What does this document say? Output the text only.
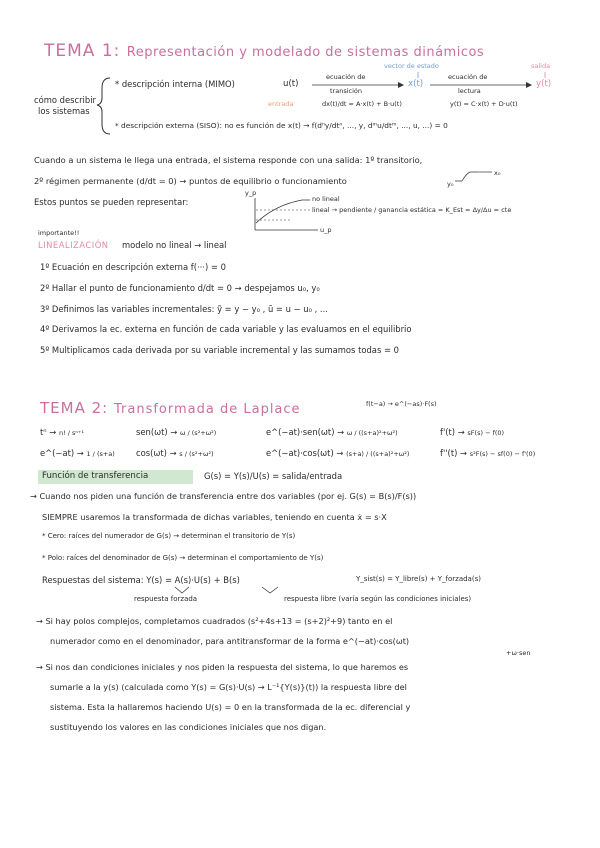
TEMA 1: Representación y modelado de sistemas dinámicos
cómo describir
los sistemas
* descripción interna (MIMO)	u(t)
entrada
ecuación de
transición
vector de estado
x(t)
ecuación de
lectura
salida
y(t)
dx(t)/dt = A·x(t) + B·u(t)	y(t) = C·x(t) + D·u(t)
* descripción externa (SISO): no es función de x(t) → f(dⁿy/dtⁿ, ..., y, dᵐu/dtᵐ, ..., u, ...) = 0
Cuando a un sistema le llega una entrada, el sistema responde con una salida: 1º transitorio,
2º régimen permanente (d/dt = 0) → puntos de equilibrio o funcionamiento	y₀
x₀
Estos puntos se pueden representar:
y_p
u_p
no lineal
lineal → pendiente / ganancia estática = K_Est = Δy/Δu = cte
importante!!
LINEALIZACIÓN modelo no lineal → lineal
1º Ecuación en descripción externa f(···) = 0
2º Hallar el punto de funcionamiento d/dt = 0 → despejamos u₀, y₀
3º Definimos las variables incrementales: ỹ = y − y₀ , ũ = u − u₀ , ...
4º Derivamos la ec. externa en función de cada variable y las evaluamos en el equilibrio
5º Multiplicamos cada derivada por su variable incremental y las sumamos todas = 0
TEMA 2: Transformada de Laplace	f(t−a) → e^(−as)·F(s)
tⁿ → n! / sⁿ⁺¹	sen(ωt) → ω / (s²+ω²)	e^(−at)·sen(ωt) → ω / ((s+a)²+ω²)	f'(t) → sF(s) − f(0)
e^(−at) → 1 / (s+a)	cos(ωt) → s / (s²+ω²)	e^(−at)·cos(ωt) → (s+a) / ((s+a)²+ω²)	f''(t) → s²F(s) − sf(0) − f'(0)
Función de transferencia	G(s) = Y(s)/U(s) = salida/entrada
→ Cuando nos piden una función de transferencia entre dos variables (por ej. G(s) = B(s)/F(s))
SIEMPRE usaremos la transformada de dichas variables, teniendo en cuenta ẋ = s·X
* Cero: raíces del numerador de G(s) → determinan el transitorio de Y(s)
* Polo: raíces del denominador de G(s) → determinan el comportamiento de Y(s)
Respuestas del sistema: Y(s) = A(s)·U(s) + B(s)	Y_sist(s) = Y_libre(s) + Y_forzada(s)
respuesta forzada	respuesta libre (varía según las condiciones iniciales)
→ Si hay polos complejos, completamos cuadrados (s²+4s+13 = (s+2)²+9) tanto en el
numerador como en el denominador, para antitransformar de la forma e^(−at)·cos(ωt)
+ω·sen
→ Si nos dan condiciones iniciales y nos piden la respuesta del sistema, lo que haremos es
sumarle a la y(s) (calculada como Y(s) = G(s)·U(s) → L⁻¹{Y(s)}(t)) la respuesta libre del
sistema. Esta la hallaremos haciendo U(s) = 0 en la transformada de la ec. diferencial y
sustituyendo los valores en las condiciones iniciales que nos digan.
